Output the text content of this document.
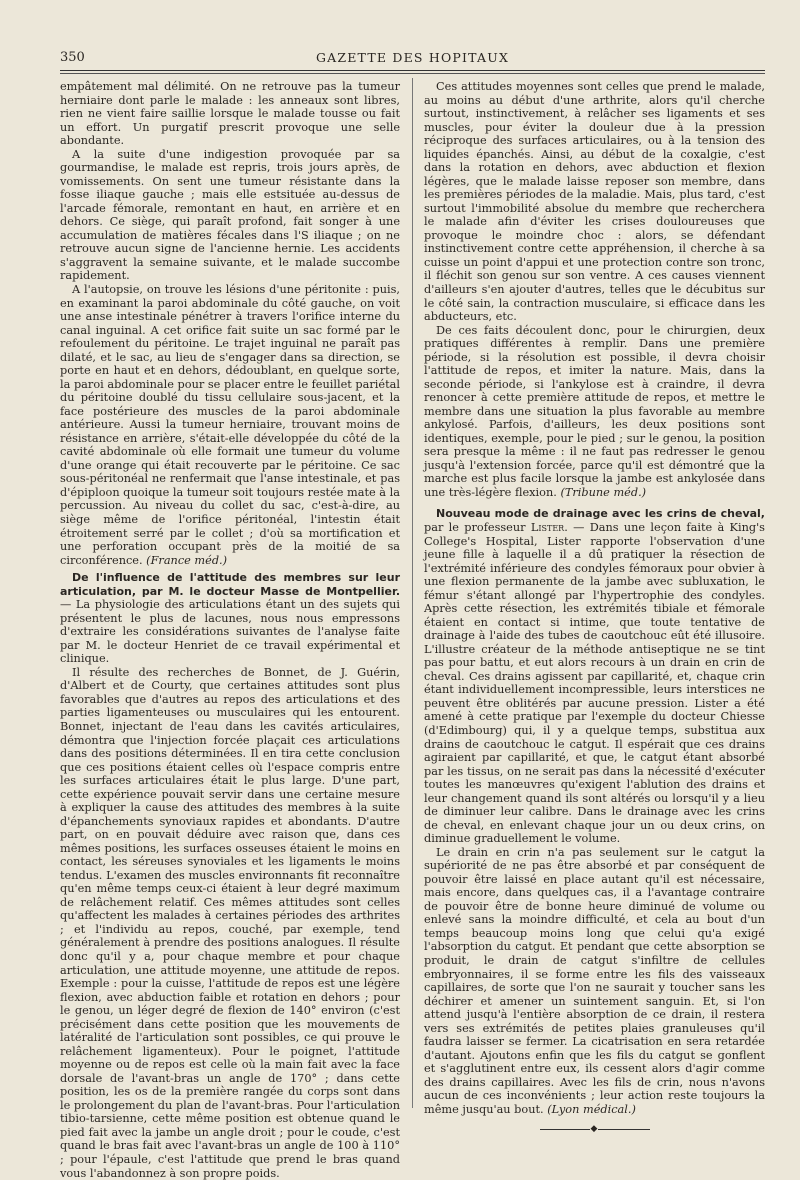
350	GAZETTE DES HOPITAUX

empâtement mal délimité. On ne retrouve pas la tumeur herniaire dont parle le malade : les anneaux sont libres, rien ne vient faire saillie lorsque le malade tousse ou fait un effort. Un purgatif prescrit provoque une selle abondante.

A la suite d'une indigestion provoquée par sa gourmandise, le malade est repris, trois jours après, de vomissements. On sent une tumeur résistante dans la fosse iliaque gauche ; mais elle estsituée au-dessus de l'arcade fémorale, remontant en haut, en arrière et en dehors. Ce siège, qui paraît profond, fait songer à une accumulation de matières fécales dans l'S iliaque ; on ne retrouve aucun signe de l'ancienne hernie. Les accidents s'aggravent la semaine suivante, et le malade succombe rapidement.

A l'autopsie, on trouve les lésions d'une péritonite : puis, en examinant la paroi abdominale du côté gauche, on voit une anse intestinale pénétrer à travers l'orifice interne du canal inguinal. A cet orifice fait suite un sac formé par le refoulement du péritoine. Le trajet inguinal ne paraît pas dilaté, et le sac, au lieu de s'engager dans sa direction, se porte en haut et en dehors, dédoublant, en quelque sorte, la paroi abdominale pour se placer entre le feuillet pariétal du péritoine doublé du tissu cellulaire sous-jacent, et la face postérieure des muscles de la paroi abdominale antérieure. Aussi la tumeur herniaire, trouvant moins de résistance en arrière, s'était-elle développée du côté de la cavité abdominale où elle formait une tumeur du volume d'une orange qui était recouverte par le péritoine. Ce sac sous-péritonéal ne renfermait que l'anse intestinale, et pas d'épiploon quoique la tumeur soit toujours restée mate à la percussion. Au niveau du collet du sac, c'est-à-dire, au siège même de l'orifice péritonéal, l'intestin était étroitement serré par le collet ; d'où sa mortification et une perforation occupant près de la moitié de sa circonférence. (France méd.)

De l'influence de l'attitude des membres sur leur articulation, par M. le docteur Masse de Montpellier. — La physiologie des articulations étant un des sujets qui présentent le plus de lacunes, nous nous empressons d'extraire les considérations suivantes de l'analyse faite par M. le docteur Henriet de ce travail expérimental et clinique.

Il résulte des recherches de Bonnet, de J. Guérin, d'Albert et de Courty, que certaines attitudes sont plus favorables que d'autres au repos des articulations et des parties ligamenteuses ou musculaires qui les entourent. Bonnet, injectant de l'eau dans les cavités articulaires, démontra que l'injection forcée plaçait ces articulations dans des positions déterminées. Il en tira cette conclusion que ces positions étaient celles où l'espace compris entre les surfaces articulaires était le plus large. D'une part, cette expérience pouvait servir dans une certaine mesure à expliquer la cause des attitudes des membres à la suite d'épanchements synoviaux rapides et abondants. D'autre part, on en pouvait déduire avec raison que, dans ces mêmes positions, les surfaces osseuses étaient le moins en contact, les séreuses synoviales et les ligaments le moins tendus. L'examen des muscles environnants fit reconnaître qu'en même temps ceux-ci étaient à leur degré maximum de relâchement relatif. Ces mêmes attitudes sont celles qu'affectent les malades à certaines périodes des arthrites ; et l'individu au repos, couché, par exemple, tend généralement à prendre des positions analogues. Il résulte donc qu'il y a, pour chaque membre et pour chaque articulation, une attitude moyenne, une attitude de repos. Exemple : pour la cuisse, l'attitude de repos est une légère flexion, avec abduction faible et rotation en dehors ; pour le genou, un léger degré de flexion de 140° environ (c'est précisément dans cette position que les mouvements de latéralité de l'articulation sont possibles, ce qui prouve le relâchement ligamenteux). Pour le poignet, l'attitude moyenne ou de repos est celle où la main fait avec la face dorsale de l'avant-bras un angle de 170° ; dans cette position, les os de la première rangée du corps sont dans le prolongement du plan de l'avant-bras. Pour l'articulation tibio-tarsienne, cette même position est obtenue quand le pied fait avec la jambe un angle droit ; pour le coude, c'est quand le bras fait avec l'avant-bras un angle de 100 à 110° ; pour l'épaule, c'est l'attitude que prend le bras quand vous l'abandonnez à son propre poids.

Ces attitudes moyennes sont celles que prend le malade, au moins au début d'une arthrite, alors qu'il cherche surtout, instinctivement, à relâcher ses ligaments et ses muscles, pour éviter la douleur due à la pression réciproque des surfaces articulaires, ou à la tension des liquides épanchés. Ainsi, au début de la coxalgie, c'est dans la rotation en dehors, avec abduction et flexion légères, que le malade laisse reposer son membre, dans les premières périodes de la maladie. Mais, plus tard, c'est surtout l'immobilité absolue du membre que recherchera le malade afin d'éviter les crises douloureuses que provoque le moindre choc : alors, se défendant instinctivement contre cette appréhension, il cherche à sa cuisse un point d'appui et une protection contre son tronc, il fléchit son genou sur son ventre. A ces causes viennent d'ailleurs s'en ajouter d'autres, telles que le décubitus sur le côté sain, la contraction musculaire, si efficace dans les abducteurs, etc.

De ces faits découlent donc, pour le chirurgien, deux pratiques différentes à remplir. Dans une première période, si la résolution est possible, il devra choisir l'attitude de repos, et imiter la nature. Mais, dans la seconde période, si l'ankylose est à craindre, il devra renoncer à cette première attitude de repos, et mettre le membre dans une situation la plus favorable au membre ankylosé. Parfois, d'ailleurs, les deux positions sont identiques, exemple, pour le pied ; sur le genou, la position sera presque la même : il ne faut pas redresser le genou jusqu'à l'extension forcée, parce qu'il est démontré que la marche est plus facile lorsque la jambe est ankylosée dans une très-légère flexion. (Tribune méd.)

Nouveau mode de drainage avec les crins de cheval, par le professeur Lister. — Dans une leçon faite à King's College's Hospital, Lister rapporte l'observation d'une jeune fille à laquelle il a dû pratiquer la résection de l'extrémité inférieure des condyles fémoraux pour obvier à une flexion permanente de la jambe avec subluxation, le fémur s'étant allongé par l'hypertrophie des condyles. Après cette résection, les extrémités tibiale et fémorale étaient en contact si intime, que toute tentative de drainage à l'aide des tubes de caoutchouc eût été illusoire. L'illustre créateur de la méthode antiseptique ne se tint pas pour battu, et eut alors recours à un drain en crin de cheval. Ces drains agissent par capillarité, et, chaque crin étant individuellement incompressible, leurs interstices ne peuvent être oblitérés par aucune pression. Lister a été amené à cette pratique par l'exemple du docteur Chiesse (d'Edimbourg) qui, il y a quelque temps, substitua aux drains de caoutchouc le catgut. Il espérait que ces drains agiraient par capillarité, et que, le catgut étant absorbé par les tissus, on ne serait pas dans la nécessité d'exécuter toutes les manœuvres qu'exigent l'ablution des drains et leur changement quand ils sont altérés ou lorsqu'il y a lieu de diminuer leur calibre. Dans le drainage avec les crins de cheval, en enlevant chaque jour un ou deux crins, on diminue graduellement le volume.

Le drain en crin n'a pas seulement sur le catgut la supériorité de ne pas être absorbé et par conséquent de pouvoir être laissé en place autant qu'il est nécessaire, mais encore, dans quelques cas, il a l'avantage contraire de pouvoir être de bonne heure diminué de volume ou enlevé sans la moindre difficulté, et cela au bout d'un temps beaucoup moins long que celui qu'a exigé l'absorption du catgut. Et pendant que cette absorption se produit, le drain de catgut s'infiltre de cellules embryonnaires, il se forme entre les fils des vaisseaux capillaires, de sorte que l'on ne saurait y toucher sans les déchirer et amener un suintement sanguin. Et, si l'on attend jusqu'à l'entière absorption de ce drain, il restera vers ses extrémités de petites plaies granuleuses qu'il faudra laisser se fermer. La cicatrisation en sera retardée d'autant. Ajoutons enfin que les fils du catgut se gonflent et s'agglutinent entre eux, ils cessent alors d'agir comme des drains capillaires. Avec les fils de crin, nous n'avons aucun de ces inconvénients ; leur action reste toujours la même jusqu'au bout. (Lyon médical.)

◆
